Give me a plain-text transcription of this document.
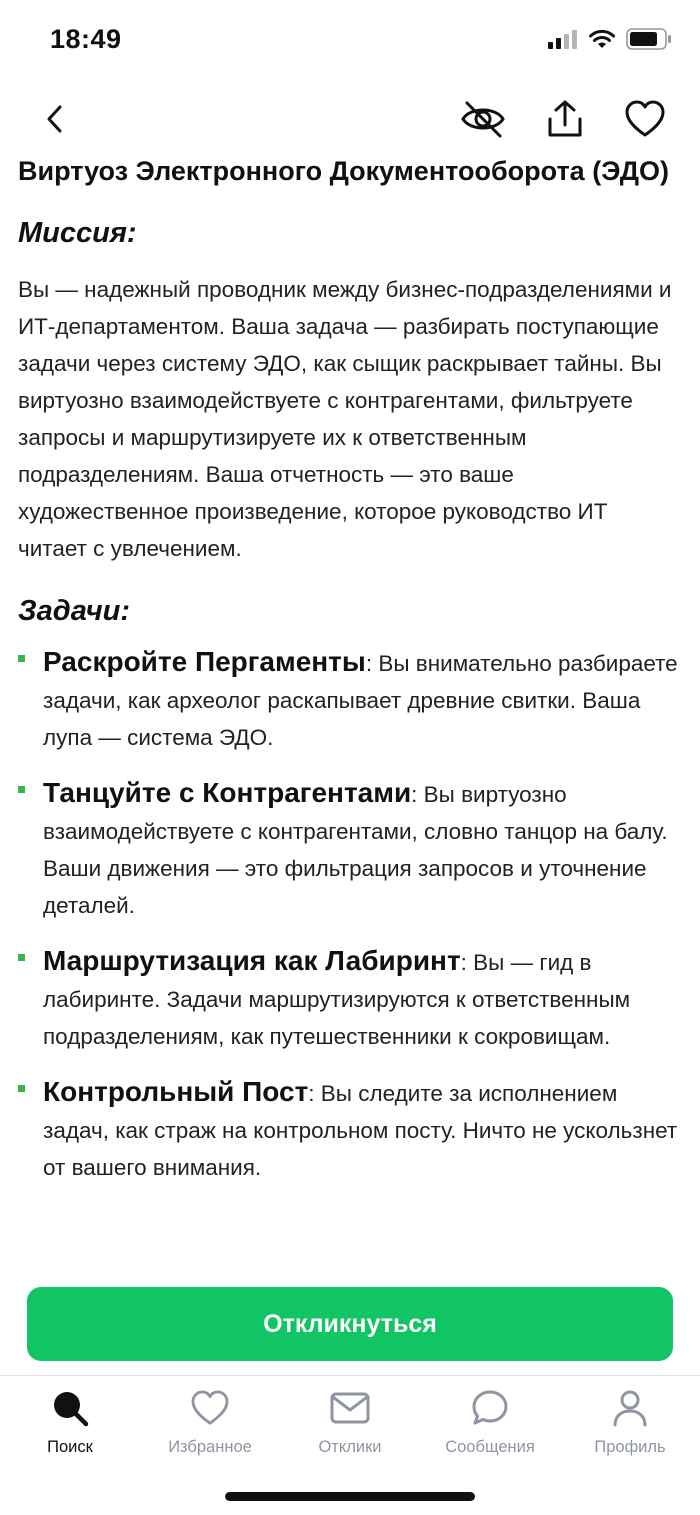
18:49
Виртуоз Электронного Документооборота (ЭДО)
Миссия:

Вы — надежный проводник между бизнес-подразделениями и ИТ-департаментом. Ваша задача — разбирать поступающие задачи через систему ЭДО, как сыщик раскрывает тайны. Вы виртуозно взаимодействуете с контрагентами, фильтруете запросы и маршрутизируете их к ответственным подразделениям. Ваша отчетность — это ваше художественное произведение, которое руководство ИТ читает с увлечением.

Задачи:
Раскройте Пергаменты: Вы внимательно разбираете задачи, как археолог раскапывает древние свитки. Ваша лупа — система ЭДО.
Танцуйте с Контрагентами: Вы виртуозно взаимодействуете с контрагентами, словно танцор на балу. Ваши движения — это фильтрация запросов и уточнение деталей.
Маршрутизация как Лабиринт: Вы — гид в лабиринте. Задачи маршрутизируются к ответственным подразделениям, как путешественники к сокровищам.
Контрольный Пост: Вы следите за исполнением задач, как страж на контрольном посту. Ничто не ускользнет от вашего внимания.
Откликнуться
Поиск	Избранное	Отклики	Сообщения	Профиль
